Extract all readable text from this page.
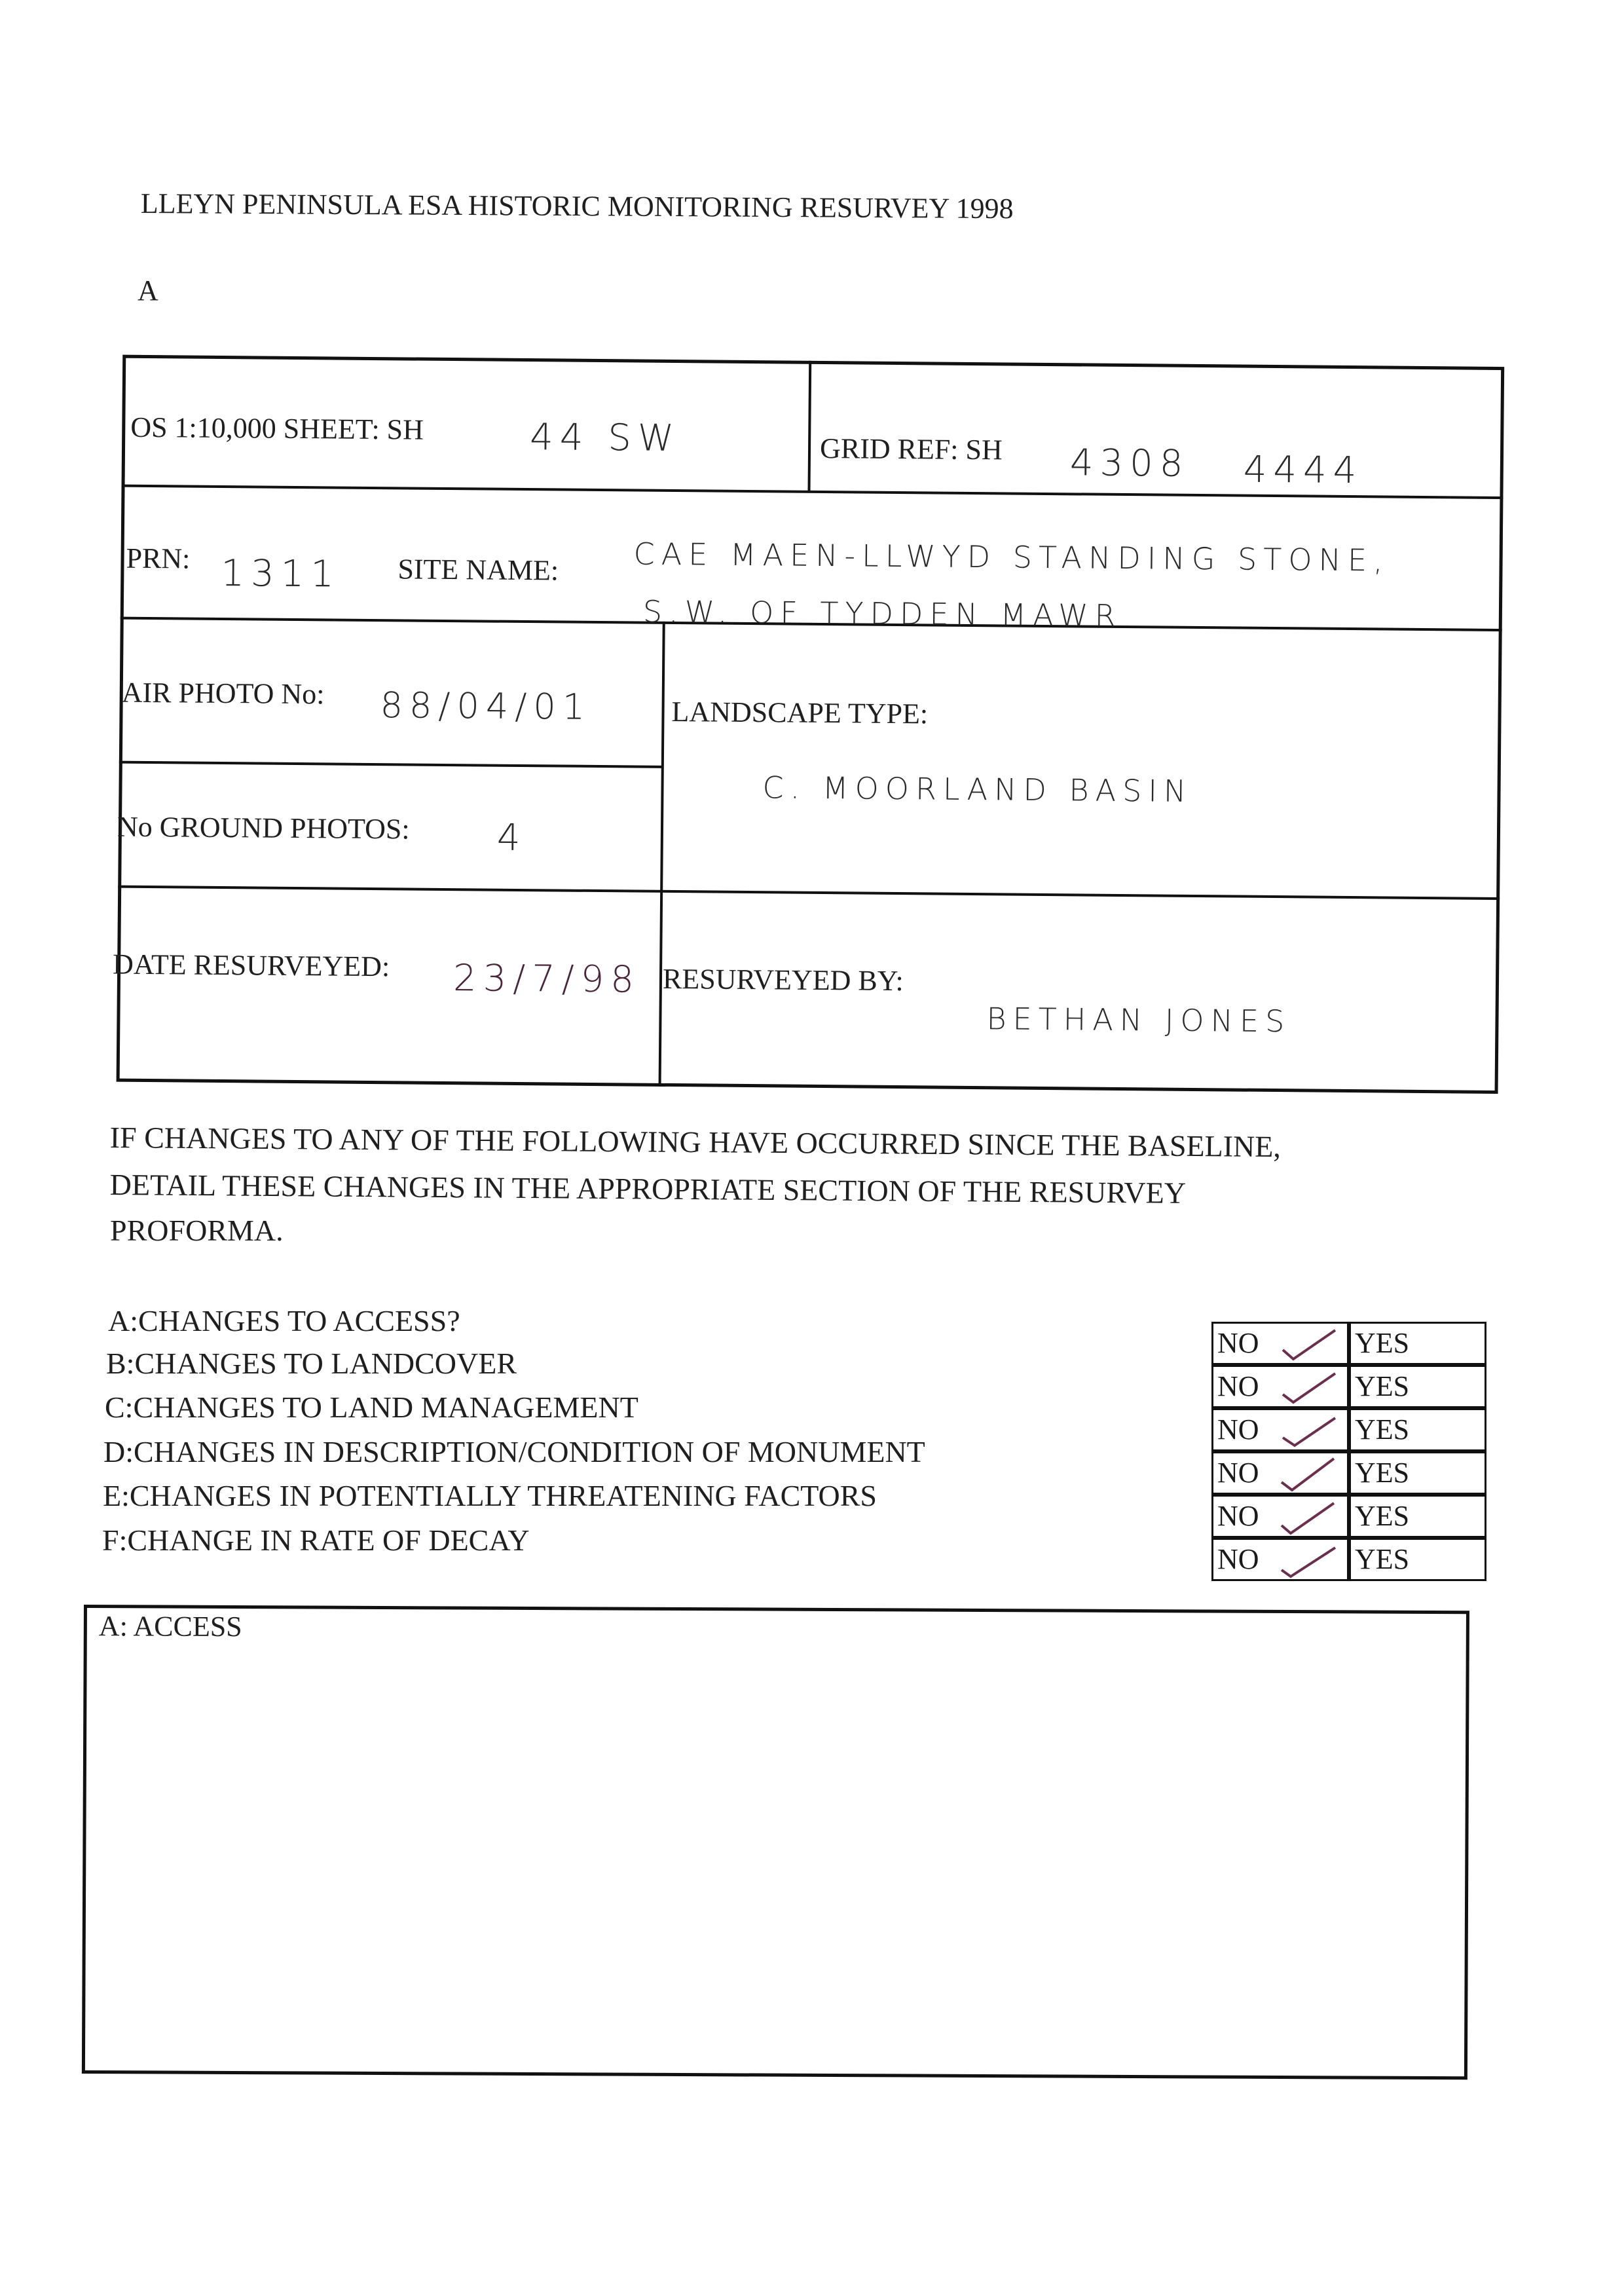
LLEYN PENINSULA ESA HISTORIC MONITORING RESURVEY 1998
A
OS 1:10,000 SHEET: SH	44 SW	GRID REF: SH 4308 4444
PRN: 1311 SITE NAME: CAE MAEN-LLWYD STANDING STONE,
S.W. OF TYDDEN MAWR
AIR PHOTO No: 88/04/01	LANDSCAPE TYPE:
C. MOORLAND BASIN
No GROUND PHOTOS: 4
DATE RESURVEYED: 23/7/98 RESURVEYED BY:
BETHAN JONES
IF CHANGES TO ANY OF THE FOLLOWING HAVE OCCURRED SINCE THE BASELINE,
DETAIL THESE CHANGES IN THE APPROPRIATE SECTION OF THE RESURVEY
PROFORMA.
A:CHANGES TO ACCESS?
B:CHANGES TO LANDCOVER
C:CHANGES TO LAND MANAGEMENT
D:CHANGES IN DESCRIPTION/CONDITION OF MONUMENT
E:CHANGES IN POTENTIALLY THREATENING FACTORS
F:CHANGE IN RATE OF DECAY
NO	YES
NO	YES
NO	YES
NO	YES
NO	YES
NO	YES
A: ACCESS
